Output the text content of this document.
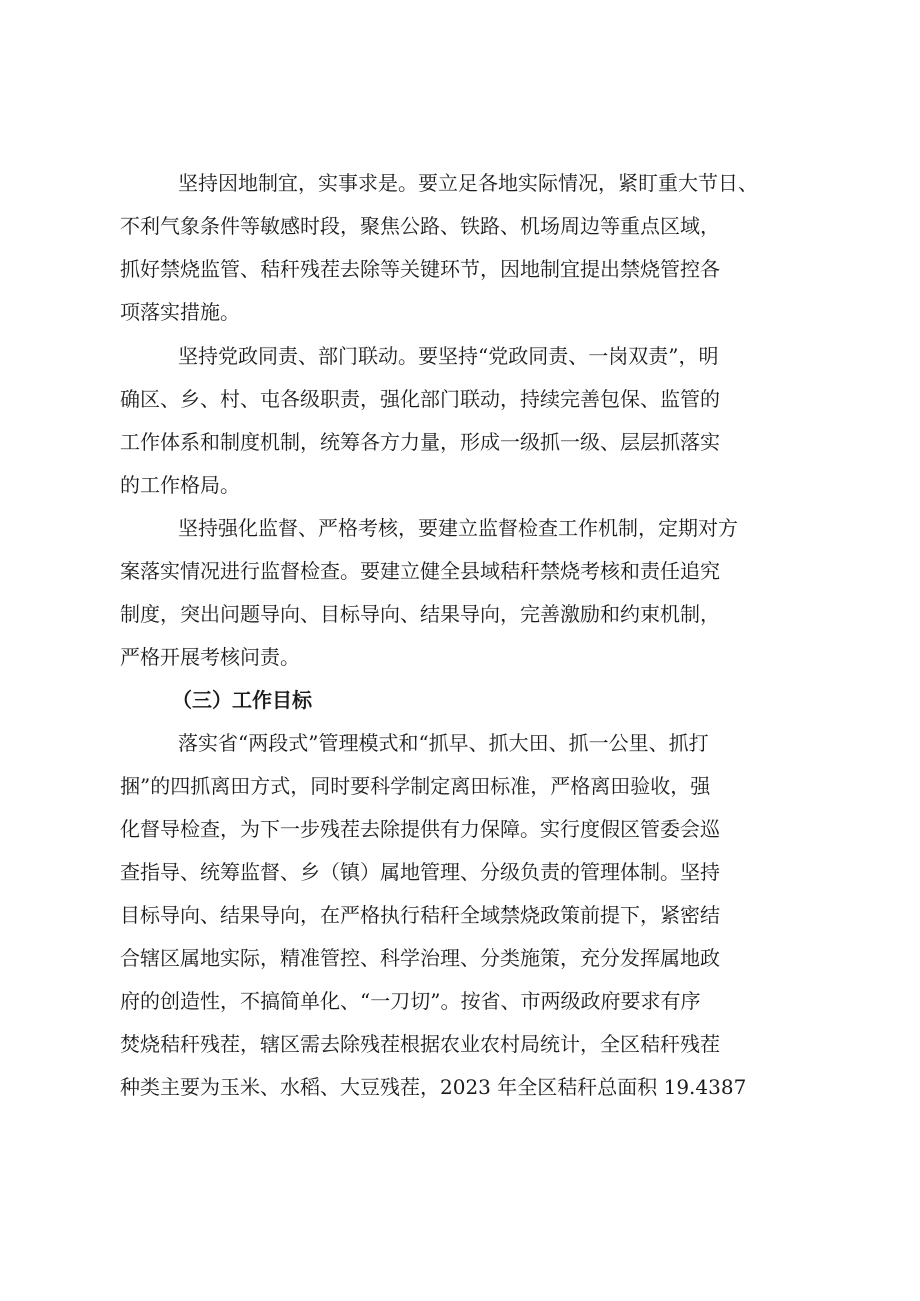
坚持因地制宜，实事求是。要立足各地实际情况，紧盯重大节日、
不利气象条件等敏感时段，聚焦公路、铁路、机场周边等重点区域，
抓好禁烧监管、秸秆残茬去除等关键环节，因地制宜提出禁烧管控各
项落实措施。
坚持党政同责、部门联动。要坚持“党政同责、一岗双责”，明
确区、乡、村、屯各级职责，强化部门联动，持续完善包保、监管的
工作体系和制度机制，统筹各方力量，形成一级抓一级、层层抓落实
的工作格局。
坚持强化监督、严格考核，要建立监督检查工作机制，定期对方
案落实情况进行监督检查。要建立健全县域秸秆禁烧考核和责任追究
制度，突出问题导向、目标导向、结果导向，完善激励和约束机制，
严格开展考核问责。
（三）工作目标
落实省“两段式”管理模式和“抓早、抓大田、抓一公里、抓打
捆”的四抓离田方式，同时要科学制定离田标准，严格离田验收，强
化督导检查，为下一步残茬去除提供有力保障。实行度假区管委会巡
查指导、统筹监督、乡（镇）属地管理、分级负责的管理体制。坚持
目标导向、结果导向，在严格执行秸秆全域禁烧政策前提下，紧密结
合辖区属地实际，精准管控、科学治理、分类施策，充分发挥属地政
府的创造性，不搞简单化、“一刀切”。按省、市两级政府要求有序
焚烧秸秆残茬，辖区需去除残茬根据农业农村局统计，全区秸秆残茬
种类主要为玉米、水稻、大豆残茬，2023 年全区秸秆总面积 19.4387
